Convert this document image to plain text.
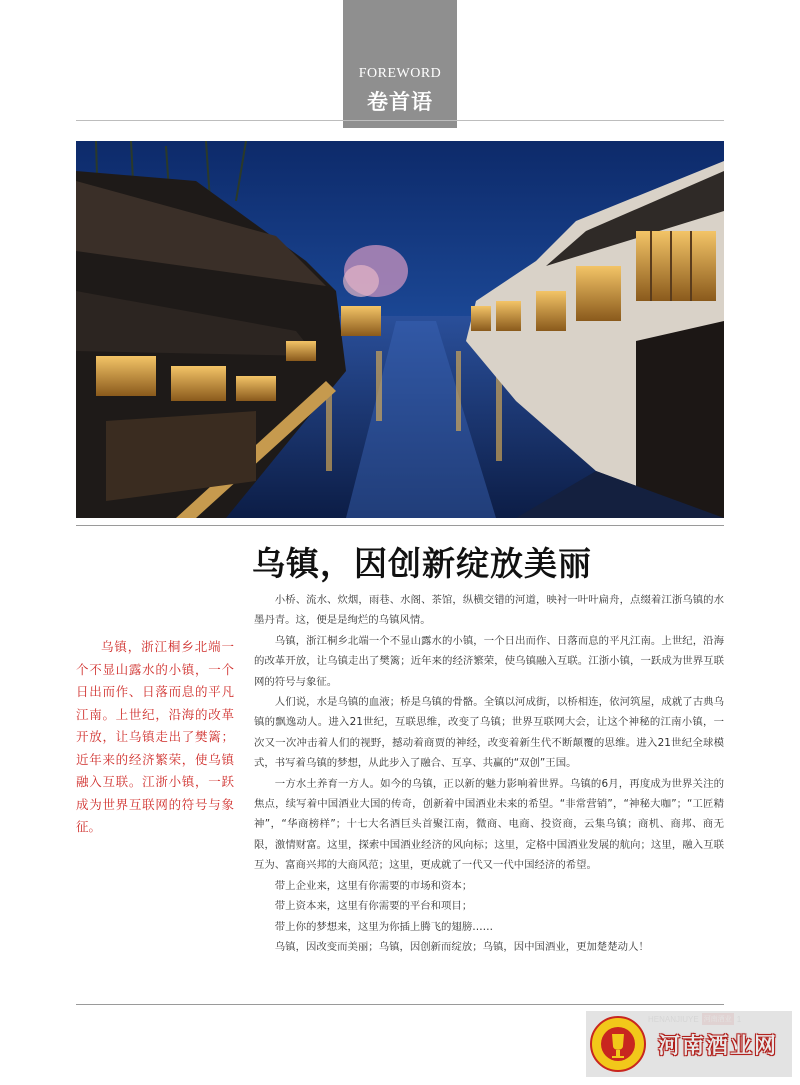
FOREWORD
卷首语
乌镇，因创新绽放美丽

乌镇，浙江桐乡北端一个不显山露水的小镇，一个日出而作、日落而息的平凡江南。上世纪，沿海的改革开放，让乌镇走出了樊篱；近年来的经济繁荣，使乌镇融入互联。江浙小镇，一跃成为世界互联网的符号与象征。

小桥、流水、炊烟，雨巷、水阁、茶馆，纵横交错的河道，映衬一叶叶扁舟，点缀着江浙乌镇的水墨丹青。这，便是是绚烂的乌镇风情。

乌镇，浙江桐乡北端一个不显山露水的小镇，一个日出而作、日落而息的平凡江南。上世纪，沿海的改革开放，让乌镇走出了樊篱；近年来的经济繁荣，使乌镇融入互联。江浙小镇，一跃成为世界互联网的符号与象征。

人们说，水是乌镇的血液；桥是乌镇的骨骼。全镇以河成街，以桥相连，依河筑屋，成就了古典乌镇的飘逸动人。进入21世纪，互联思维，改变了乌镇；世界互联网大会，让这个神秘的江南小镇，一次又一次冲击着人们的视野，撼动着商贾的神经，改变着新生代不断颠覆的思维。进入21世纪全球模式，书写着乌镇的梦想，从此步入了融合、互享、共赢的“双创”王国。

一方水土养育一方人。如今的乌镇，正以新的魅力影响着世界。乌镇的6月，再度成为世界关注的焦点，续写着中国酒业大国的传奇，创新着中国酒业未来的希望。“非常营销”，“神秘大咖”；“工匠精神”，“华商榜样”；十七大名酒巨头首聚江南，微商、电商、投资商，云集乌镇；商机、商邦、商无限，激情财富。这里，探索中国酒业经济的风向标；这里，定格中国酒业发展的航向；这里，融入互联互为、富商兴邦的大商风范；这里，更成就了一代又一代中国经济的希望。

带上企业来，这里有你需要的市场和资本；

带上资本来，这里有你需要的平台和项目；

带上你的梦想来，这里为你插上腾飞的翅膀……

乌镇，因改变而美丽；乌镇，因创新而绽放；乌镇，因中国酒业，更加楚楚动人！

河南酒业网
